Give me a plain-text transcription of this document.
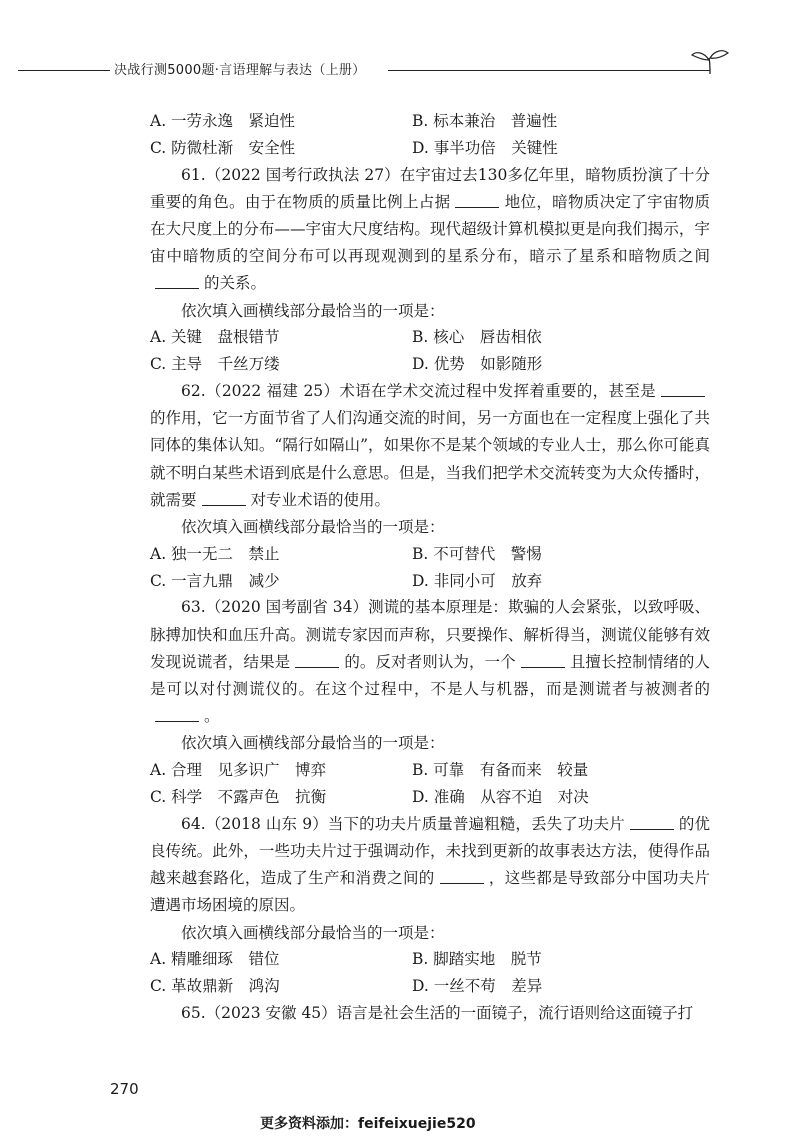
决战行测5000题·言语理解与表达（上册）
A. 一劳永逸　紧迫性	B. 标本兼治　普遍性
C. 防微杜渐　安全性	D. 事半功倍　关键性
61.（2022 国考行政执法 27）在宇宙过去130多亿年里，暗物质扮演了十分重要的角色。由于在物质的质量比例上占据	地位，暗物质决定了宇宙物质在大尺度上的分布——宇宙大尺度结构。现代超级计算机模拟更是向我们揭示，宇宙中暗物质的空间分布可以再现观测到的星系分布，暗示了星系和暗物质之间的关系。
依次填入画横线部分最恰当的一项是：
A. 关键　盘根错节	B. 核心　唇齿相依
C. 主导　千丝万缕	D. 优势　如影随形
62.（2022 福建 25）术语在学术交流过程中发挥着重要的，甚至是的作用，它一方面节省了人们沟通交流的时间，另一方面也在一定程度上强化了共同体的集体认知。“隔行如隔山”，如果你不是某个领域的专业人士，那么你可能真就不明白某些术语到底是什么意思。但是，当我们把学术交流转变为大众传播时，就需要	对专业术语的使用。
依次填入画横线部分最恰当的一项是：
A. 独一无二　禁止	B. 不可替代　警惕
C. 一言九鼎　减少	D. 非同小可　放弃
63.（2020 国考副省 34）测谎的基本原理是：欺骗的人会紧张，以致呼吸、脉搏加快和血压升高。测谎专家因而声称，只要操作、解析得当，测谎仪能够有效发现说谎者，结果是	的。反对者则认为，一个	且擅长控制情绪的人是可以对付测谎仪的。在这个过程中，不是人与机器，而是测谎者与被测者的。
依次填入画横线部分最恰当的一项是：
A. 合理　见多识广　博弈	B. 可靠　有备而来　较量
C. 科学　不露声色　抗衡	D. 准确　从容不迫　对决
64.（2018 山东 9）当下的功夫片质量普遍粗糙，丢失了功夫片	的优良传统。此外，一些功夫片过于强调动作，未找到更新的故事表达方法，使得作品越来越套路化，造成了生产和消费之间的	，这些都是导致部分中国功夫片遭遇市场困境的原因。
依次填入画横线部分最恰当的一项是：
A. 精雕细琢　错位	B. 脚踏实地　脱节
C. 革故鼎新　鸿沟	D. 一丝不苟　差异
65.（2023 安徽 45）语言是社会生活的一面镜子，流行语则给这面镜子打
270
更多资料添加：feifeixuejie520
